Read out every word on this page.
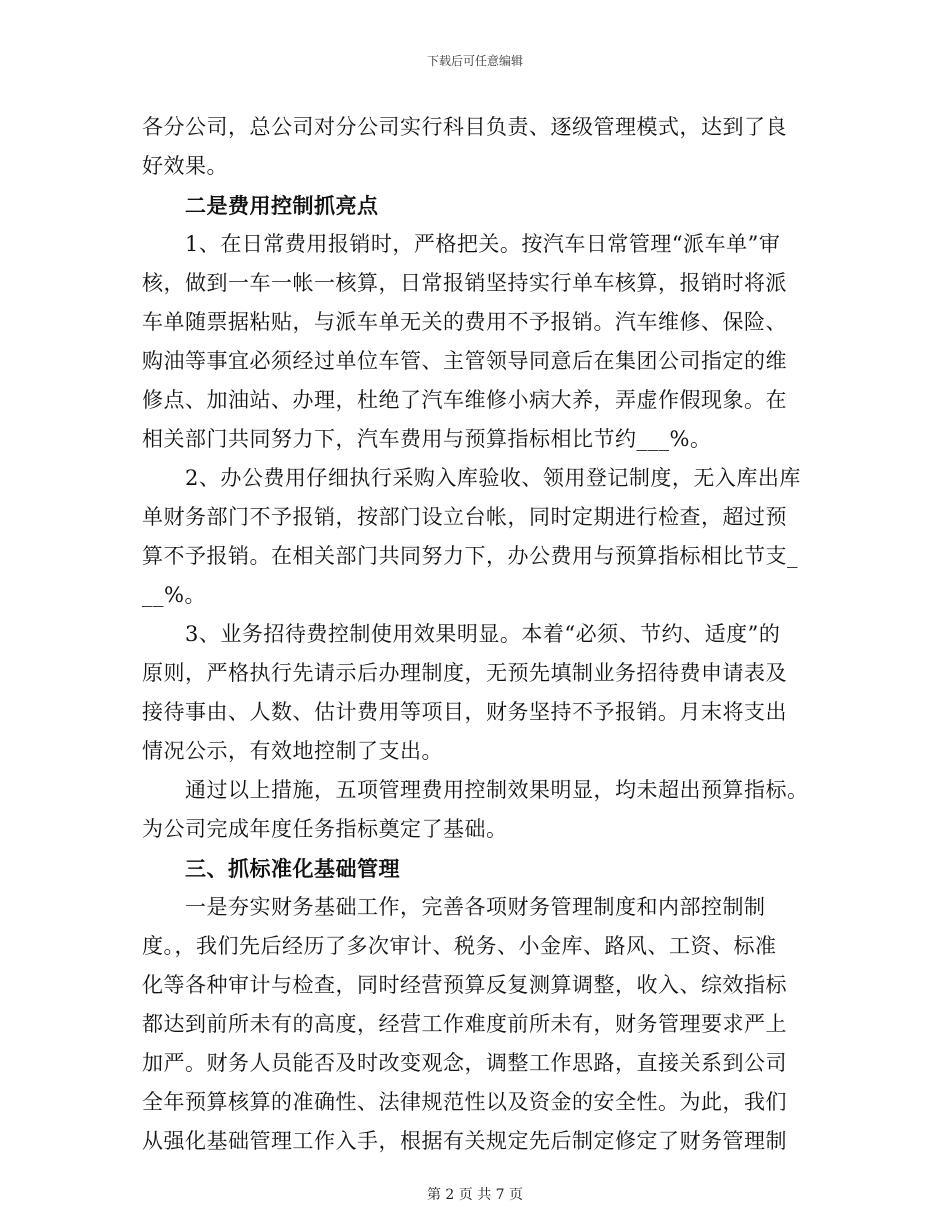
下载后可任意编辑
各分公司，总公司对分公司实行科目负责、逐级管理模式，达到了良
好效果。
二是费用控制抓亮点
1、在日常费用报销时，严格把关。按汽车日常管理“派车单”审
核，做到一车一帐一核算，日常报销坚持实行单车核算，报销时将派
车单随票据粘贴，与派车单无关的费用不予报销。汽车维修、保险、
购油等事宜必须经过单位车管、主管领导同意后在集团公司指定的维
修点、加油站、办理，杜绝了汽车维修小病大养，弄虚作假现象。在
相关部门共同努力下，汽车费用与预算指标相比节约___%。
2、办公费用仔细执行采购入库验收、领用登记制度，无入库出库
单财务部门不予报销，按部门设立台帐，同时定期进行检查，超过预
算不予报销。在相关部门共同努力下，办公费用与预算指标相比节支_
__%。
3、业务招待费控制使用效果明显。本着“必须、节约、适度”的
原则，严格执行先请示后办理制度，无预先填制业务招待费申请表及
接待事由、人数、估计费用等项目，财务坚持不予报销。月末将支出
情况公示，有效地控制了支出。
通过以上措施，五项管理费用控制效果明显，均未超出预算指标。
为公司完成年度任务指标奠定了基础。
三、抓标准化基础管理
一是夯实财务基础工作，完善各项财务管理制度和内部控制制
度。，我们先后经历了多次审计、税务、小金库、路风、工资、标准
化等各种审计与检查，同时经营预算反复测算调整，收入、综效指标
都达到前所未有的高度，经营工作难度前所未有，财务管理要求严上
加严。财务人员能否及时改变观念，调整工作思路，直接关系到公司
全年预算核算的准确性、法律规范性以及资金的安全性。为此，我们
从强化基础管理工作入手，根据有关规定先后制定修定了财务管理制
第 2 页 共 7 页
